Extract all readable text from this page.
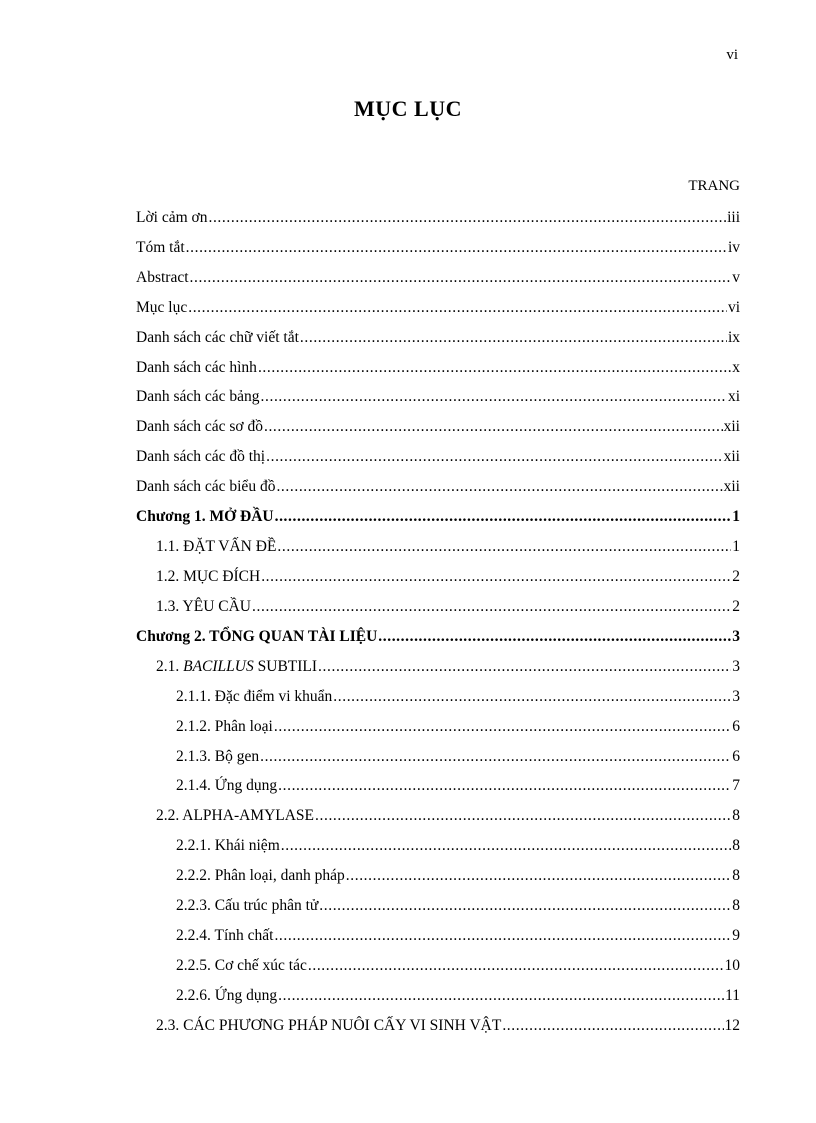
vi
MỤC LỤC
TRANG
Lời cảm ơn .....	iii
Tóm tắt .....	iv
Abstract .....	v
Mục lục .....	vi
Danh sách các chữ viết tắt .....	ix
Danh sách các hình .....	x
Danh sách các bảng .....	xi
Danh sách các sơ đồ .....	xii
Danh sách các đồ thị .....	xii
Danh sách các biểu đồ .....	xii
Chương 1. MỞ ĐẦU .....	1
1.1. ĐẶT VẤN ĐỀ .....	1
1.2. MỤC ĐÍCH .....	2
1.3. YÊU CẦU .....	2
Chương 2. TỔNG QUAN TÀI LIỆU .....	3
2.1. BACILLUS SUBTILI .....	3
2.1.1. Đặc điểm vi khuẩn .....	3
2.1.2. Phân loại .....	6
2.1.3. Bộ gen .....	6
2.1.4. Ứng dụng .....	7
2.2. ALPHA-AMYLASE .....	8
2.2.1. Khái niệm .....	8
2.2.2. Phân loại, danh pháp .....	8
2.2.3. Cấu trúc phân tử .....	8
2.2.4. Tính chất .....	9
2.2.5. Cơ chế xúc tác .....	10
2.2.6. Ứng dụng .....	11
2.3. CÁC PHƯƠNG PHÁP NUÔI CẤY VI SINH VẬT .....	12
